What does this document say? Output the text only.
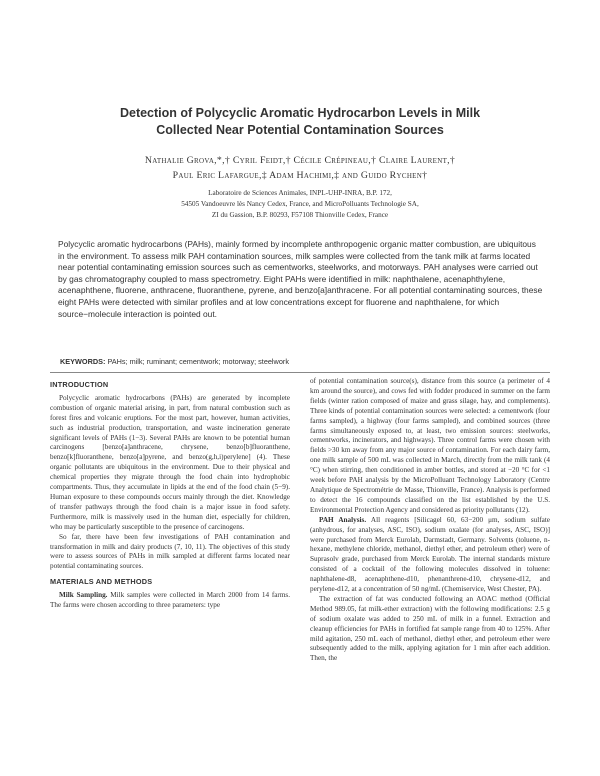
Detection of Polycyclic Aromatic Hydrocarbon Levels in Milk
Collected Near Potential Contamination Sources
Nathalie Grova,*,† Cyril Feidt,† Cécile Crépineau,† Claire Laurent,†
Paul Eric Lafargue,‡ Adam Hachimi,‡ and Guido Rychen†
Laboratoire de Sciences Animales, INPL-UHP-INRA, B.P. 172,
54505 Vandoeuvre lès Nancy Cedex, France, and MicroPolluants Technologie SA,
ZI du Gassion, B.P. 80293, F57108 Thionville Cedex, France
Polycyclic aromatic hydrocarbons (PAHs), mainly formed by incomplete anthropogenic organic matter combustion, are ubiquitous in the environment. To assess milk PAH contamination sources, milk samples were collected from the tank milk at farms located near potential contaminating emission sources such as cementworks, steelworks, and motorways. PAH analyses were carried out by gas chromatography coupled to mass spectrometry. Eight PAHs were identified in milk: naphthalene, acenaphthylene, acenaphthene, fluorene, anthracene, fluoranthene, pyrene, and benzo[a]anthracene. For all potential contaminating sources, these eight PAHs were detected with similar profiles and at low concentrations except for fluorene and naphthalene, for which source−molecule interaction is pointed out.
KEYWORDS: PAHs; milk; ruminant; cementwork; motorway; steelwork
INTRODUCTION

Polycyclic aromatic hydrocarbons (PAHs) are generated by incomplete combustion of organic material arising, in part, from natural combustion such as forest fires and volcanic eruptions. For the most part, however, human activities, such as industrial production, transportation, and waste incineration generate significant levels of PAHs (1−3). Several PAHs are known to be potential human carcinogens [benzo[a]anthracene, chrysene, benzo[b]fluoranthene, benzo[k]fluoranthene, benzo[a]pyrene, and benzo(g,h,i)perylene] (4). These organic pollutants are ubiquitous in the environment. Due to their physical and chemical properties they migrate through the food chain into hydrophobic compartments. Thus, they accumulate in lipids at the end of the food chain (5−9). Human exposure to these compounds occurs mainly through the diet. Knowledge of transfer pathways through the food chain is a major issue in food safety. Furthermore, milk is massively used in the human diet, especially for children, who may be particularly susceptible to the presence of carcinogens.

So far, there have been few investigations of PAH contamination and transformation in milk and dairy products (7, 10, 11). The objectives of this study were to assess sources of PAHs in milk sampled at different farms located near potential contaminating sources.

MATERIALS AND METHODS

Milk Sampling. Milk samples were collected in March 2000 from 14 farms. The farms were chosen according to three parameters: type

of potential contamination source(s), distance from this source (a perimeter of 4 km around the source), and cows fed with fodder produced in summer on the farm fields (winter ration composed of maize and grass silage, hay, and complements). Three kinds of potential contamination sources were selected: a cementwork (four farms sampled), a highway (four farms sampled), and combined sources (three farms simultaneously exposed to, at least, two emission sources: steelworks, cementworks, incinerators, and highways). Three control farms were chosen with fields >30 km away from any major source of contamination. For each dairy farm, one milk sample of 500 mL was collected in March, directly from the milk tank (4 °C) when stirring, then conditioned in amber bottles, and stored at −20 °C for <1 week before PAH analysis by the MicroPolluant Technology Laboratory (Centre Analytique de Spectrométrie de Masse, Thionville, France). Analysis is performed to detect the 16 compounds classified on the list established by the U.S. Environmental Protection Agency and considered as priority pollutants (12).

PAH Analysis. All reagents [Silicagel 60, 63−200 μm, sodium sulfate (anhydrous, for analyses, ASC, ISO), sodium oxalate (for analyses, ASC, ISO)] were purchased from Merck Eurolab, Darmstadt, Germany. Solvents (toluene, n-hexane, methylene chloride, methanol, diethyl ether, and petroleum ether) were of Suprasolv grade, purchased from Merck Eurolab. The internal standards mixture consisted of a cocktail of the following molecules dissolved in toluene: naphthalene-d8, acenaphthene-d10, phenanthrene-d10, chrysene-d12, and perylene-d12, at a concentration of 50 ng/mL (Chemiservice, West Chester, PA).

The extraction of fat was conducted following an AOAC method (Official Method 989.05, fat milk-ether extraction) with the following modifications: 2.5 g of sodium oxalate was added to 250 mL of milk in a funnel. Extraction and cleanup efficiencies for PAHs in fortified fat sample range from 40 to 125%. After mild agitation, 250 mL each of methanol, diethyl ether, and petroleum ether were subsequently added to the milk, applying agitation for 1 min after each addition. Then, the
